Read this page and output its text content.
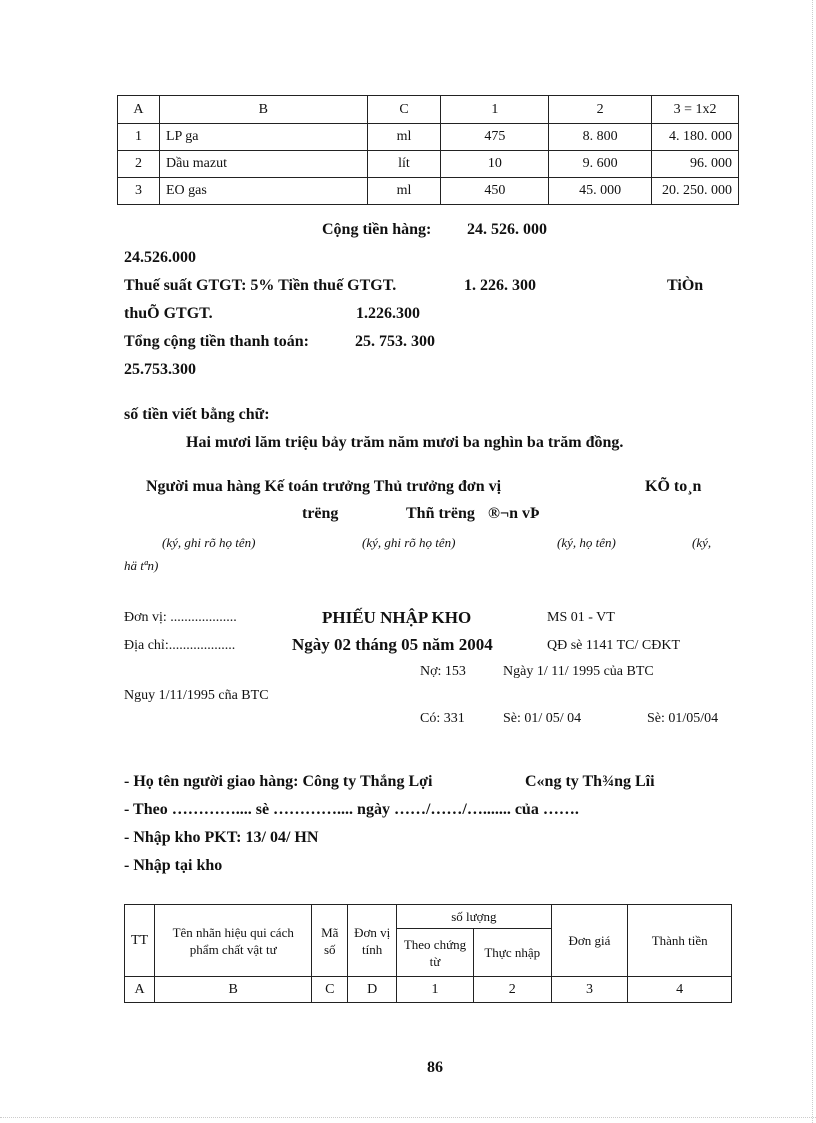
A	B	C	1	2	3 = 1x2
1	LP ga	ml	475	8. 800	4. 180. 000
2	Dầu mazut	lít	10	9. 600	96. 000
3	EO gas	ml	450	45. 000	20. 250. 000
Cộng tiền hàng: 24. 526. 000
24.526.000
Thuế suất GTGT: 5% Tiền thuế GTGT.	1. 226. 300	TiÒn
thuÕ GTGT.	1.226.300
Tổng cộng tiền thanh toán:	25. 753. 300
25.753.300
số tiền viết bằng chữ:
Hai mươi lăm triệu bảy trăm năm mươi ba nghìn ba trăm đồng.
Người mua hàng Kế toán trưởng Thủ trưởng đơn vị	KÕ to¸n
trëng	Thñ trëng ®¬n vÞ
(ký, ghi rõ họ tên)	(ký, ghi rõ họ tên)	(ký, họ tên)	(ký,
hä tªn)
Đơn vị: ...................	PHIẾU NHẬP KHO	MS 01 - VT
Địa chỉ:...................	Ngày 02 tháng 05 năm 2004	QĐ sè 1141 TC/ CĐKT
Nợ: 153	Ngày 1/ 11/ 1995 của BTC
Nguy 1/11/1995 cña BTC
Có: 331	Sè: 01/ 05/ 04	Sè: 01/05/04
- Họ tên người giao hàng: Công ty Thắng Lợi	C«ng ty Th¾ng Lîi
- Theo ………….... sè ………….... ngày ……/……/…....... của …….
- Nhập kho PKT: 13/ 04/ HN
- Nhập tại kho
TT	Tên nhãn hiệu qui cách phẩm chất vật tư	Mã số	Đơn vị tính	số lượng		Đơn giá	Thành tiền
				Theo chứng từ	Thực nhập		
A	B	C	D	1	2	3	4
86
